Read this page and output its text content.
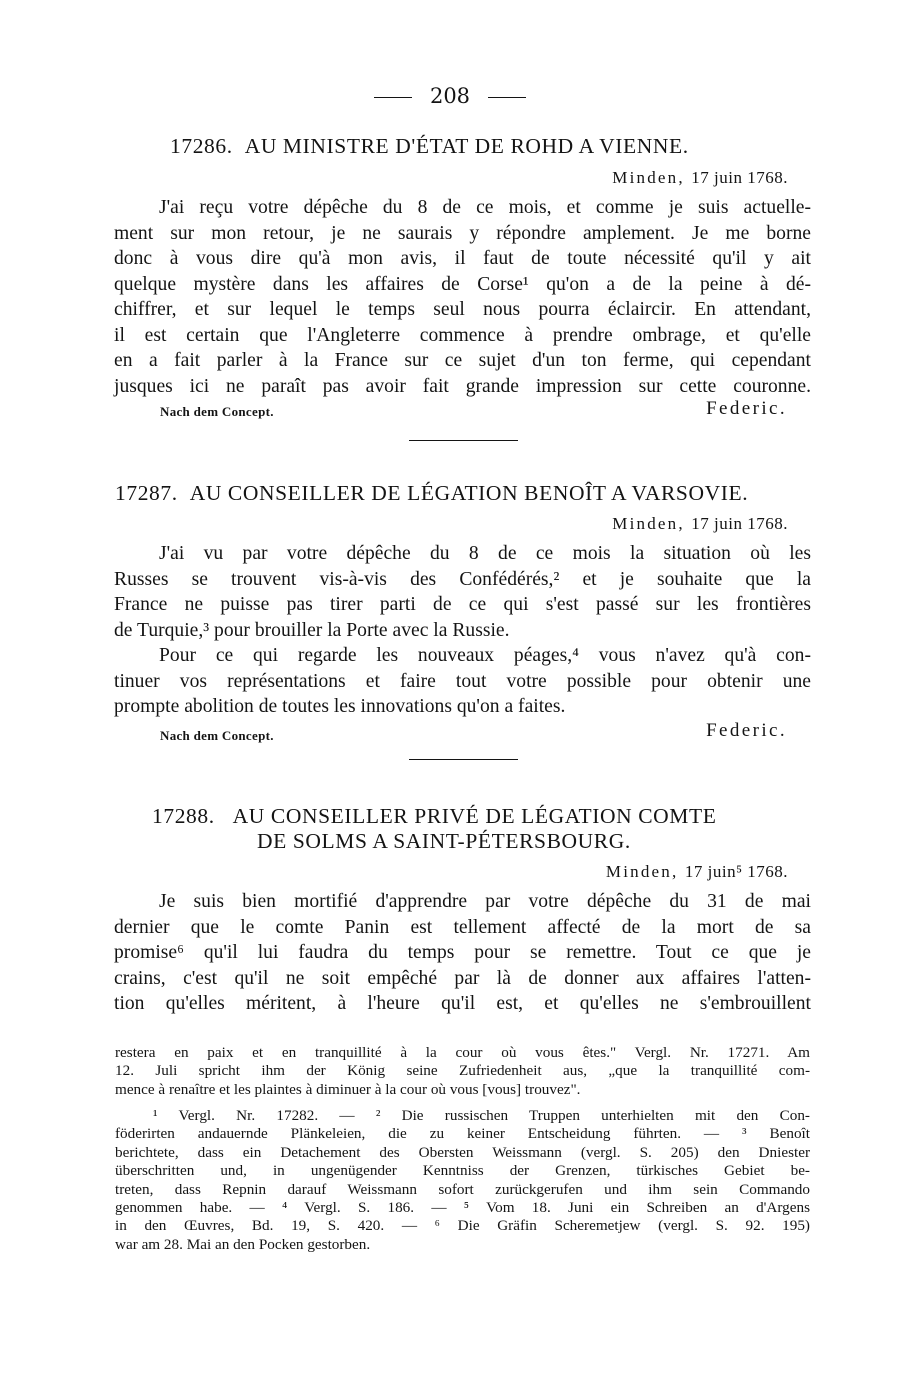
208
17286. AU MINISTRE D'ÉTAT DE ROHD A VIENNE.
Minden, 17 juin 1768.
J'ai reçu votre dépêche du 8 de ce mois, et comme je suis actuelle-
ment sur mon retour, je ne saurais y répondre amplement. Je me borne
donc à vous dire qu'à mon avis, il faut de toute nécessité qu'il y ait
quelque mystère dans les affaires de Corse¹ qu'on a de la peine à dé-
chiffrer, et sur lequel le temps seul nous pourra éclaircir. En attendant,
il est certain que l'Angleterre commence à prendre ombrage, et qu'elle
en a fait parler à la France sur ce sujet d'un ton ferme, qui cependant
jusques ici ne paraît pas avoir fait grande impression sur cette couronne.
Nach dem Concept.	Federic.
17287. AU CONSEILLER DE LÉGATION BENOÎT A VARSOVIE.
Minden, 17 juin 1768.
J'ai vu par votre dépêche du 8 de ce mois la situation où les
Russes se trouvent vis-à-vis des Confédérés,² et je souhaite que la
France ne puisse pas tirer parti de ce qui s'est passé sur les frontières
de Turquie,³ pour brouiller la Porte avec la Russie.
Pour ce qui regarde les nouveaux péages,⁴ vous n'avez qu'à con-
tinuer vos représentations et faire tout votre possible pour obtenir une
prompte abolition de toutes les innovations qu'on a faites.
Nach dem Concept.	Federic.
17288. AU CONSEILLER PRIVÉ DE LÉGATION COMTE
DE SOLMS A SAINT-PÉTERSBOURG.
Minden, 17 juin⁵ 1768.
Je suis bien mortifié d'apprendre par votre dépêche du 31 de mai
dernier que le comte Panin est tellement affecté de la mort de sa
promise⁶ qu'il lui faudra du temps pour se remettre. Tout ce que je
crains, c'est qu'il ne soit empêché par là de donner aux affaires l'atten-
tion qu'elles méritent, à l'heure qu'il est, et qu'elles ne s'embrouillent
restera en paix et en tranquillité à la cour où vous êtes." Vergl. Nr. 17271. Am
12. Juli spricht ihm der König seine Zufriedenheit aus, „que la tranquillité com-
mence à renaître et les plaintes à diminuer à la cour où vous [vous] trouvez".
¹ Vergl. Nr. 17282. — ² Die russischen Truppen unterhielten mit den Con-
föderirten andauernde Plänkeleien, die zu keiner Entscheidung führten. — ³ Benoît
berichtete, dass ein Detachement des Obersten Weissmann (vergl. S. 205) den Dniester
überschritten und, in ungenügender Kenntniss der Grenzen, türkisches Gebiet be-
treten, dass Repnin darauf Weissmann sofort zurückgerufen und ihm sein Commando
genommen habe. — ⁴ Vergl. S. 186. — ⁵ Vom 18. Juni ein Schreiben an d'Argens
in den Œuvres, Bd. 19, S. 420. — ⁶ Die Gräfin Scheremetjew (vergl. S. 92. 195)
war am 28. Mai an den Pocken gestorben.
